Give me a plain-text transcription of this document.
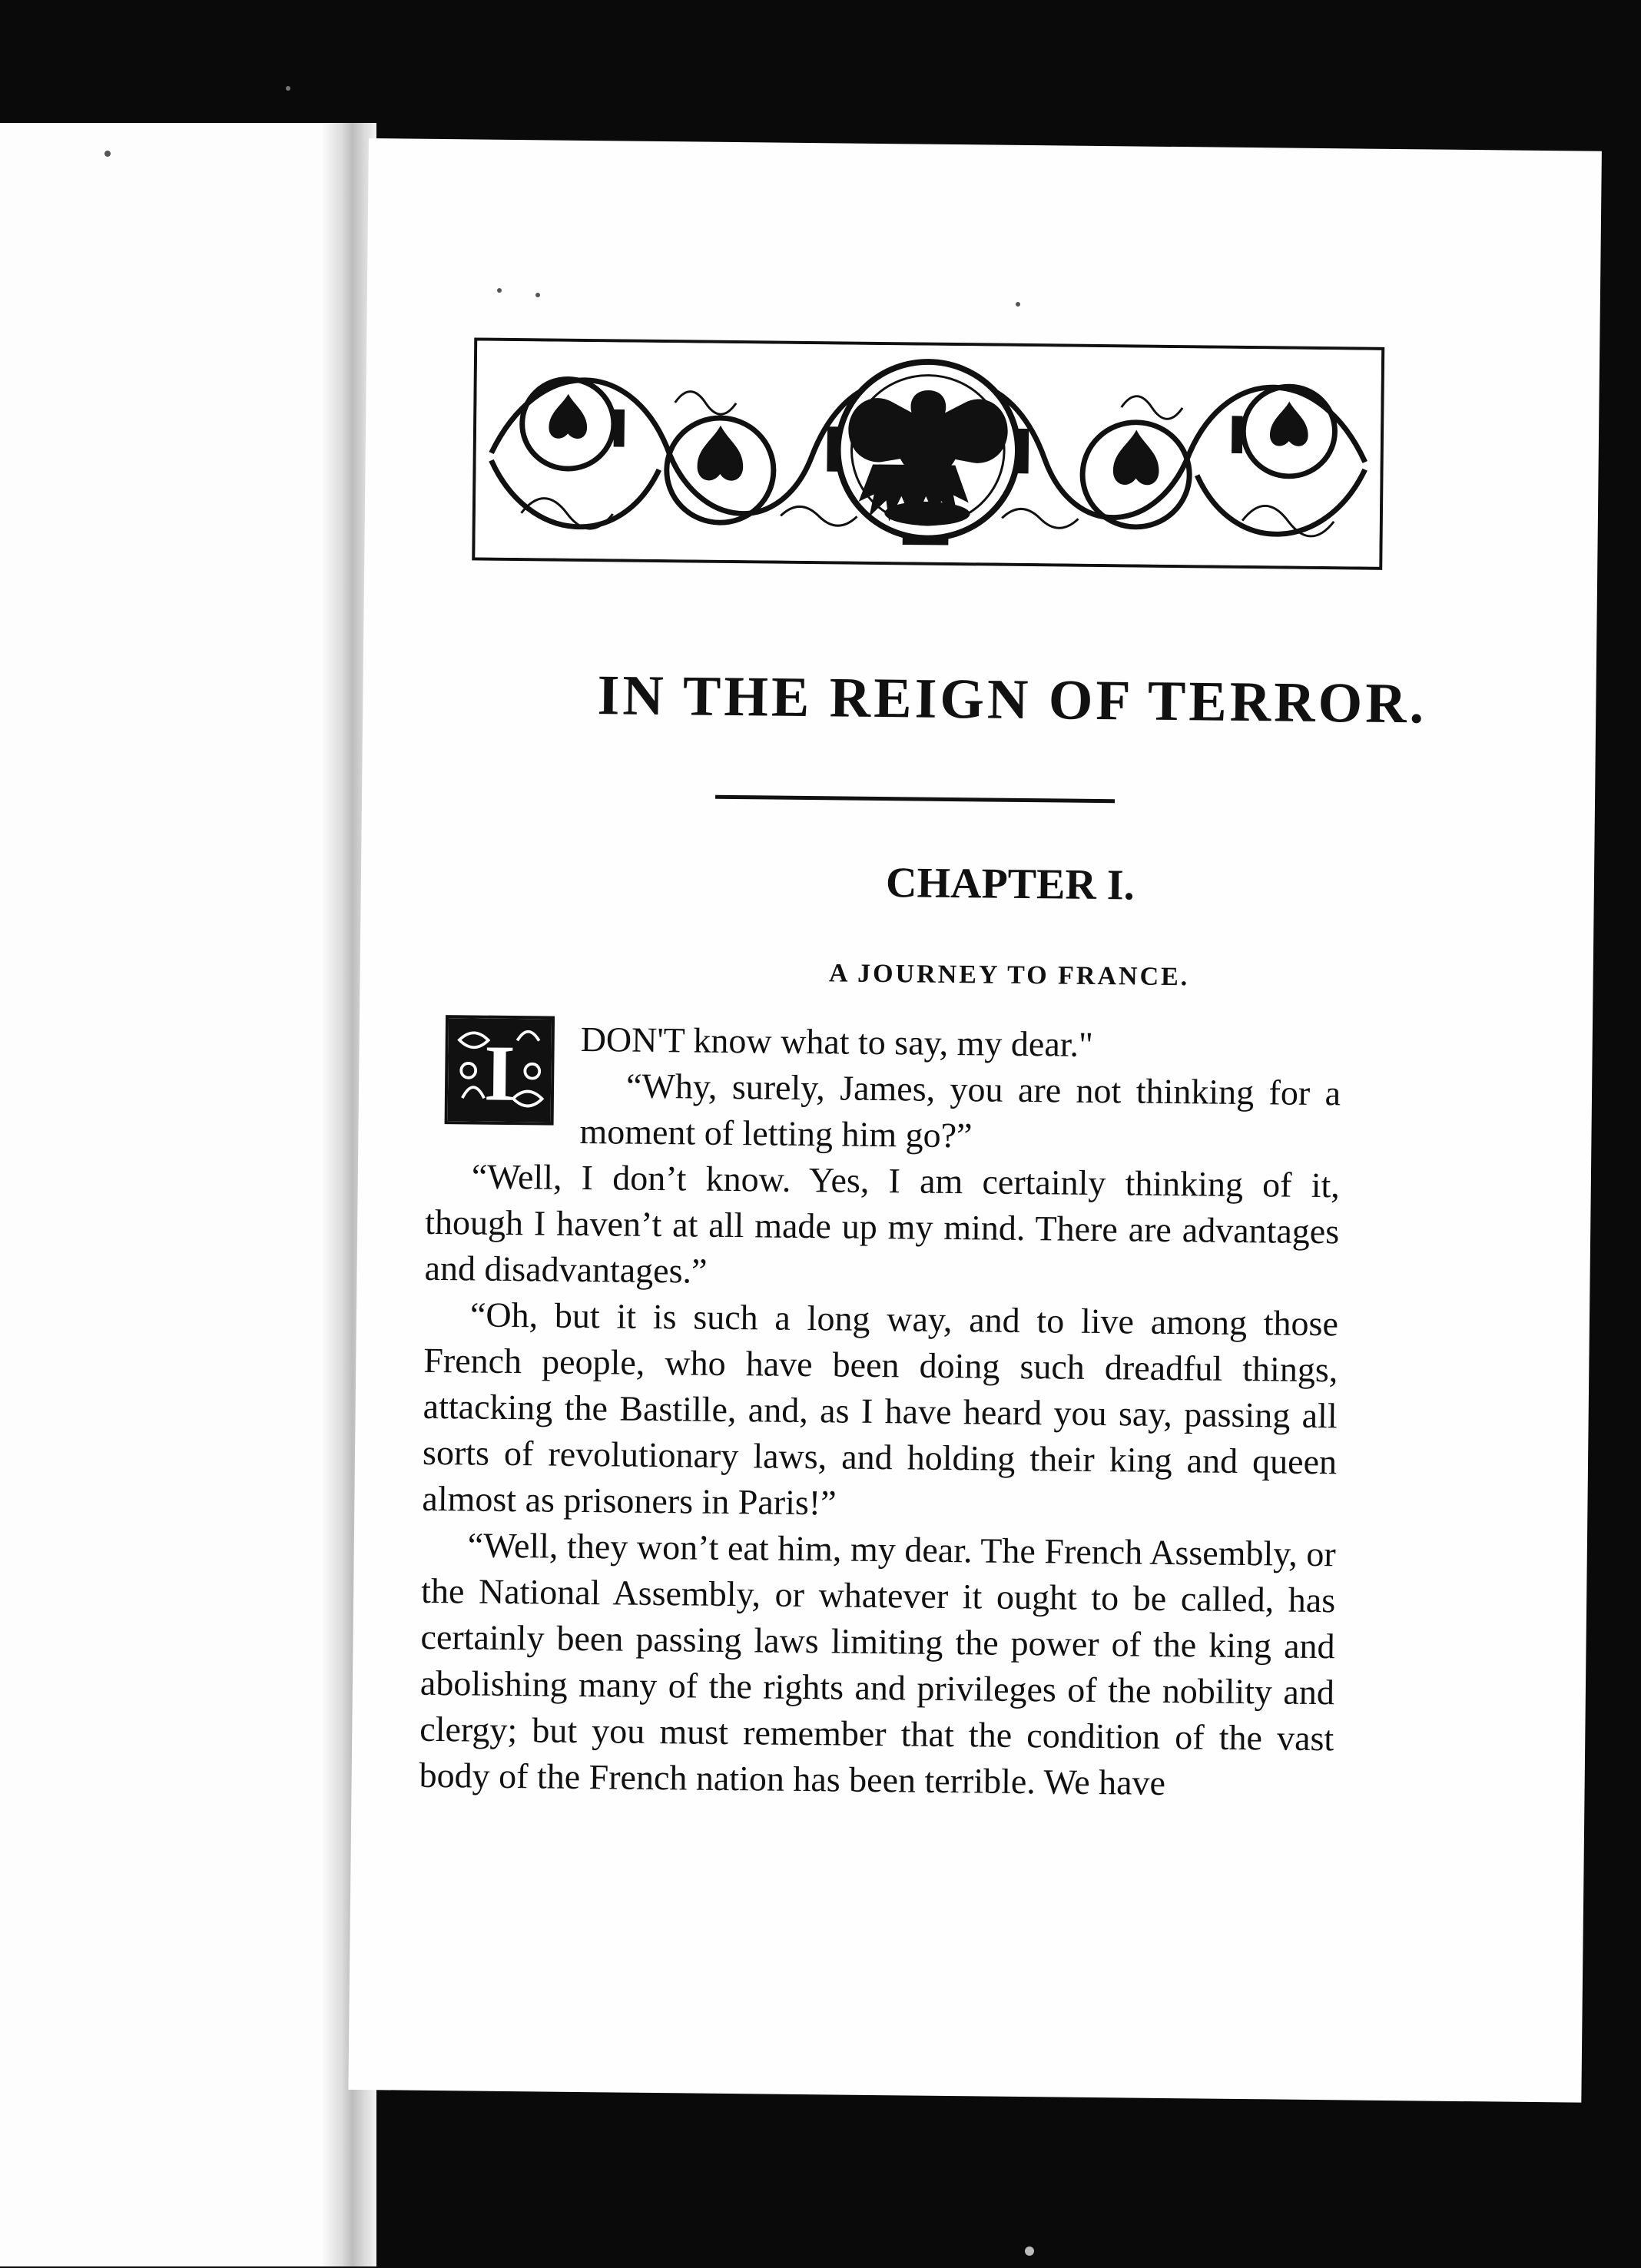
IN THE REIGN OF TERROR.
CHAPTER I.
A JOURNEY TO FRANCE.
I	DON'T know what to say, my dear."

“Why, surely, James, you are not thinking for a moment of letting him go?”

“Well, I don’t know. Yes, I am certainly thinking of it, though I haven’t at all made up my mind. There are advantages and disadvantages.”

“Oh, but it is such a long way, and to live among those French people, who have been doing such dreadful things, attacking the Bastille, and, as I have heard you say, passing all sorts of revolutionary laws, and holding their king and queen almost as prisoners in Paris!”

“Well, they won’t eat him, my dear. The French Assembly, or the National Assembly, or whatever it ought to be called, has certainly been passing laws limiting the power of the king and abolishing many of the rights and privileges of the nobility and clergy; but you must remember that the condition of the vast body of the French nation has been terrible. We have
